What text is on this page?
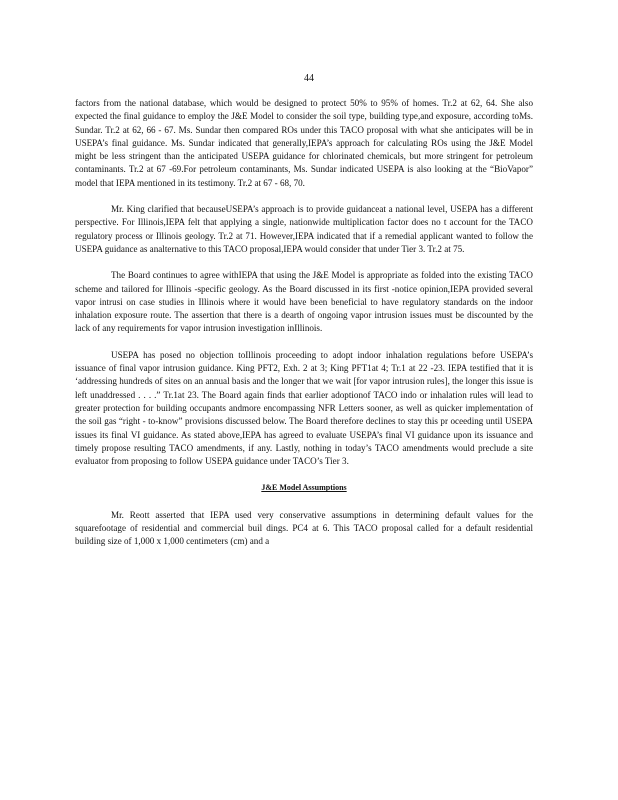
44

factors from the national database, which would be designed to protect 50% to 95% of homes. Tr.2 at 62, 64. She also expected the final guidance to employ the J&E Model to consider the soil type, building type,and exposure, according toMs. Sundar. Tr.2 at 62, 66 - 67. Ms. Sundar then compared ROs under this TACO proposal with what she anticipates will be in USEPA’s final guidance. Ms. Sundar indicated that generally,IEPA’s approach for calculating ROs using the J&E Model might be less stringent than the anticipated USEPA guidance for chlorinated chemicals, but more stringent for petroleum contaminants. Tr.2 at 67 -69.For petroleum contaminants, Ms. Sundar indicated USEPA is also looking at the “BioVapor” model that IEPA mentioned in its testimony. Tr.2 at 67 - 68, 70.

Mr. King clarified that becauseUSEPA’s approach is to provide guidanceat a national level, USEPA has a different perspective. For Illinois,IEPA felt that applying a single, nationwide multiplication factor does no t account for the TACO regulatory process or Illinois geology. Tr.2 at 71. However,IEPA indicated that if a remedial applicant wanted to follow the USEPA guidance as analternative to this TACO proposal,IEPA would consider that under Tier 3. Tr.2 at 75.

The Board continues to agree withIEPA that using the J&E Model is appropriate as folded into the existing TACO scheme and tailored for Illinois -specific geology. As the Board discussed in its first -notice opinion,IEPA provided several vapor intrusi on case studies in Illinois where it would have been beneficial to have regulatory standards on the indoor inhalation exposure route. The assertion that there is a dearth of ongoing vapor intrusion issues must be discounted by the lack of any requirements for vapor intrusion investigation inIllinois.

USEPA has posed no objection toIllinois proceeding to adopt indoor inhalation regulations before USEPA’s issuance of final vapor intrusion guidance. King PFT2, Exh. 2 at 3; King PFT1at 4; Tr.1 at 22 -23. IEPA testified that it is ‘addressing hundreds of sites on an annual basis and the longer that we wait [for vapor intrusion rules], the longer this issue is left unaddressed . . . .” Tr.1at 23. The Board again finds that earlier adoptionof TACO indo or inhalation rules will lead to greater protection for building occupants andmore encompassing NFR Letters sooner, as well as quicker implementation of the soil gas “right - to-know” provisions discussed below. The Board therefore declines to stay this pr oceeding until USEPA issues its final VI guidance. As stated above,IEPA has agreed to evaluate USEPA’s final VI guidance upon its issuance and timely propose resulting TACO amendments, if any. Lastly, nothing in today’s TACO amendments would preclude a site evaluator from proposing to follow USEPA guidance under TACO’s Tier 3.

J&E Model Assumptions

Mr. Reott asserted that IEPA used very conservative assumptions in determining default values for the squarefootage of residential and commercial buil dings. PC4 at 6. This TACO proposal called for a default residential building size of 1,000 x 1,000 centimeters (cm) and a
